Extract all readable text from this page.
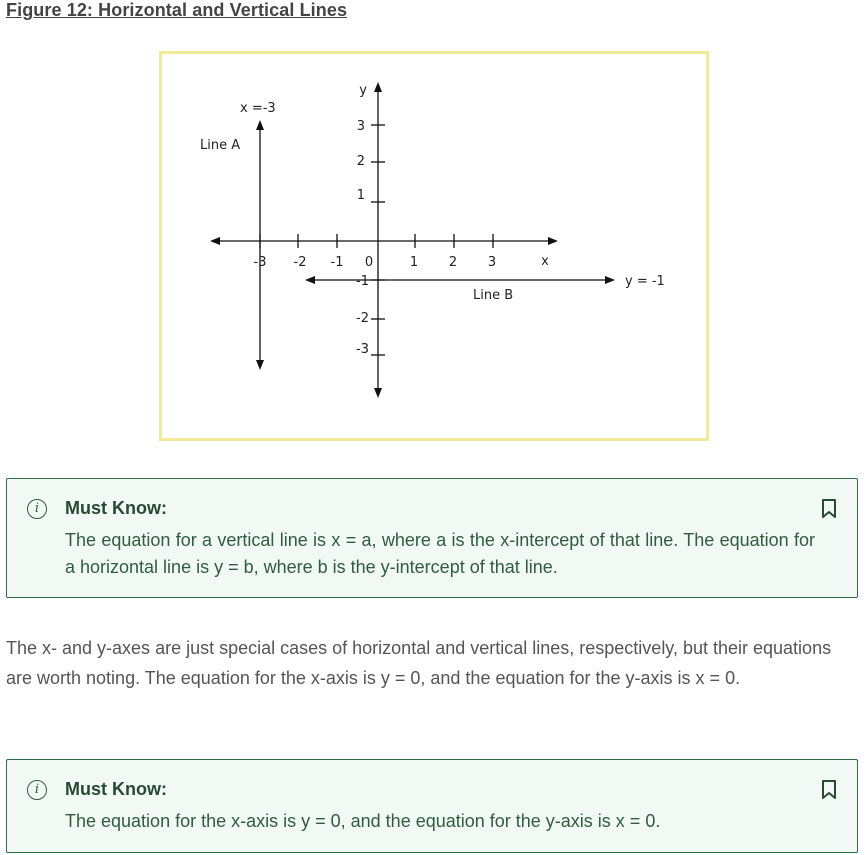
Figure 12: Horizontal and Vertical Lines
-3 -2 -1 0	1 2 3	x
1
2
3
-1
-2
-3
y
x =-3
Line A
Line B
y = -1
i	Must Know:
The equation for a vertical line is x = a, where a is the x-intercept of that line. The equation for a horizontal line is y = b, where b is the y-intercept of that line.
The x- and y-axes are just special cases of horizontal and vertical lines, respectively, but their equations are worth noting. The equation for the x-axis is y = 0, and the equation for the y-axis is x = 0.
i	Must Know:
The equation for the x-axis is y = 0, and the equation for the y-axis is x = 0.
